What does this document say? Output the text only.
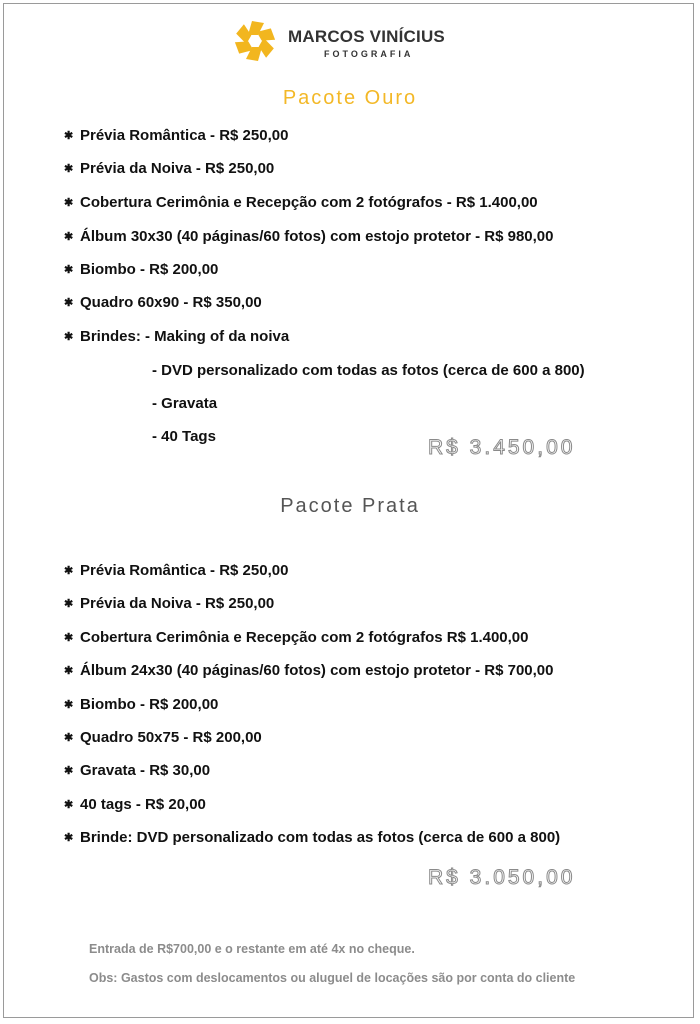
MARCOS VINÍCIUS
FOTOGRAFIA
Pacote Ouro
✱ Prévia Romântica - R$ 250,00
✱ Prévia da Noiva - R$ 250,00
✱ Cobertura Cerimônia e Recepção com 2 fotógrafos - R$ 1.400,00
✱ Álbum 30x30 (40 páginas/60 fotos) com estojo protetor - R$ 980,00
✱ Biombo - R$ 200,00
✱ Quadro 60x90 - R$ 350,00
✱ Brindes: - Making of da noiva
- DVD personalizado com todas as fotos (cerca de 600 a 800)
- Gravata
- 40 Tags	R$ 3.450,00
Pacote Prata
✱ Prévia Romântica - R$ 250,00
✱ Prévia da Noiva - R$ 250,00
✱ Cobertura Cerimônia e Recepção com 2 fotógrafos R$ 1.400,00
✱ Álbum 24x30 (40 páginas/60 fotos) com estojo protetor - R$ 700,00
✱ Biombo - R$ 200,00
✱ Quadro 50x75 - R$ 200,00
✱ Gravata - R$ 30,00
✱ 40 tags - R$ 20,00
✱ Brinde: DVD personalizado com todas as fotos (cerca de 600 a 800)
R$ 3.050,00
Entrada de R$700,00 e o restante em até 4x no cheque.
Obs: Gastos com deslocamentos ou aluguel de locações são por conta do cliente
